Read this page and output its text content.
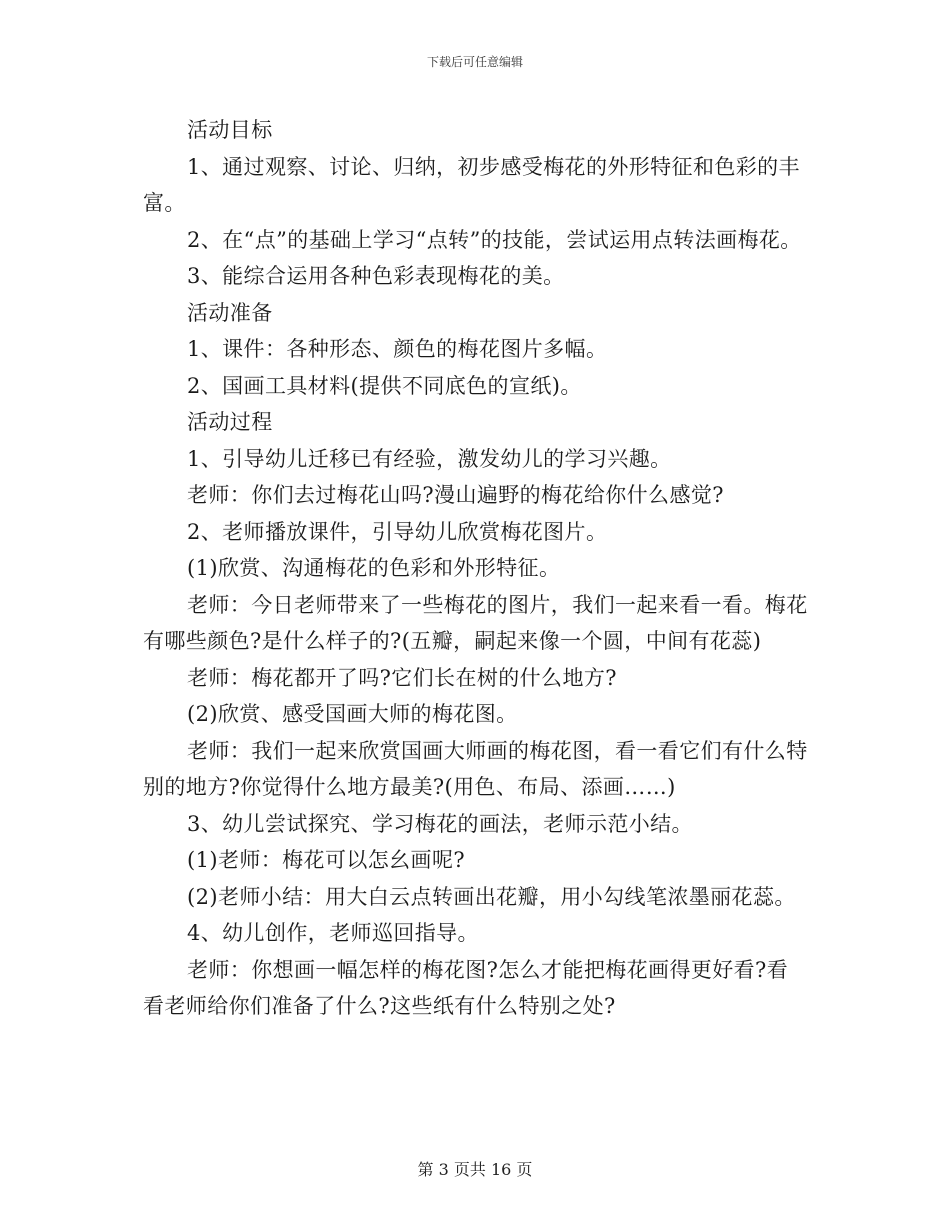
下载后可任意编辑

活动目标

1、通过观察、讨论、归纳，初步感受梅花的外形特征和色彩的丰富。

2、在“点”的基础上学习“点转”的技能，尝试运用点转法画梅花。

3、能综合运用各种色彩表现梅花的美。

活动准备

1、课件：各种形态、颜色的梅花图片多幅。

2、国画工具材料(提供不同底色的宣纸)。

活动过程

1、引导幼儿迁移已有经验，激发幼儿的学习兴趣。

老师：你们去过梅花山吗?漫山遍野的梅花给你什么感觉?

2、老师播放课件，引导幼儿欣赏梅花图片。

(1)欣赏、沟通梅花的色彩和外形特征。

老师：今日老师带来了一些梅花的图片，我们一起来看一看。梅花有哪些颜色?是什么样子的?(五瓣，嗣起来像一个圆，中间有花蕊)

老师：梅花都开了吗?它们长在树的什么地方?

(2)欣赏、感受国画大师的梅花图。

老师：我们一起来欣赏国画大师画的梅花图，看一看它们有什么特别的地方?你觉得什么地方最美?(用色、布局、添画……)

3、幼儿尝试探究、学习梅花的画法，老师示范小结。

(1)老师：梅花可以怎幺画呢?

(2)老师小结：用大白云点转画出花瓣，用小勾线笔浓墨丽花蕊。

4、幼儿创作，老师巡回指导。

老师：你想画一幅怎样的梅花图?怎么才能把梅花画得更好看?看看老师给你们准备了什么?这些纸有什么特别之处?

第 3 页共 16 页
